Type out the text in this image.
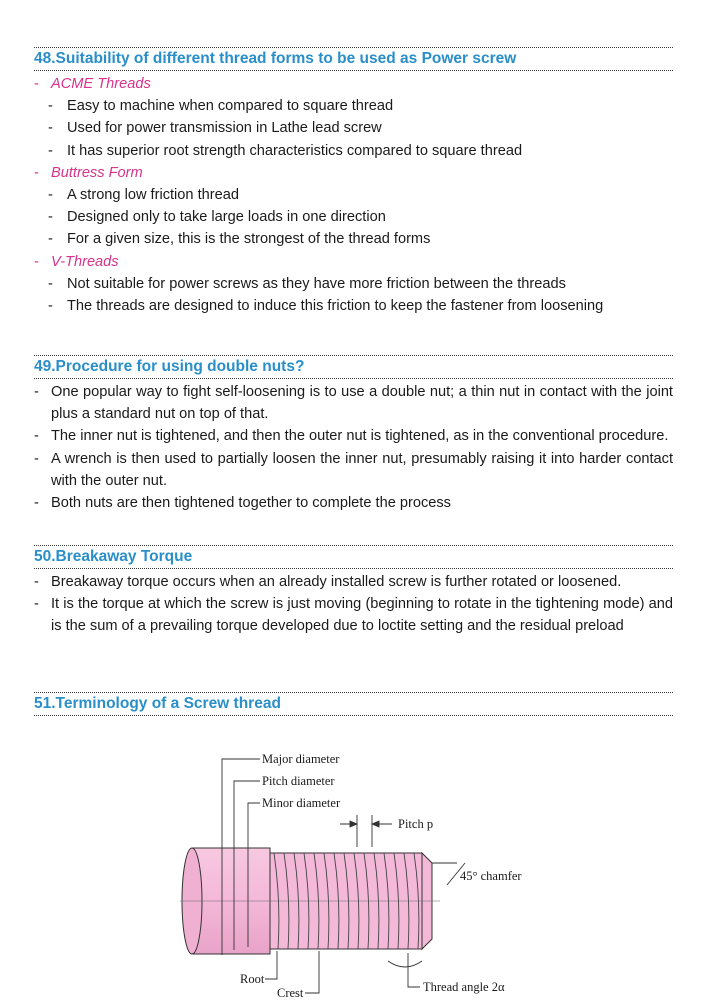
48.Suitability of different thread forms to be used as Power screw
- ACME Threads
- Easy to machine when compared to square thread
- Used for power transmission in Lathe lead screw
- It has superior root strength characteristics compared to square thread
- Buttress Form
- A strong low friction thread
- Designed only to take large loads in one direction
- For a given size, this is the strongest of the thread forms
- V-Threads
- Not suitable for power screws as they have more friction between the threads
- The threads are designed to induce this friction to keep the fastener from loosening
49.Procedure for using double nuts?
- One popular way to fight self-loosening is to use a double nut; a thin nut in contact with the joint plus a standard nut on top of that.
- The inner nut is tightened, and then the outer nut is tightened, as in the conventional procedure.
- A wrench is then used to partially loosen the inner nut, presumably raising it into harder contact with the outer nut.
- Both nuts are then tightened together to complete the process
50.Breakaway Torque
- Breakaway torque occurs when an already installed screw is further rotated or loosened.
- It is the torque at which the screw is just moving (beginning to rotate in the tightening mode) and is the sum of a prevailing torque developed due to loctite setting and the residual preload
51.Terminology of a Screw thread
Major diameter
Pitch diameter
Minor diameter
Pitch p
45° chamfer
Root
Crest	Thread angle 2α
